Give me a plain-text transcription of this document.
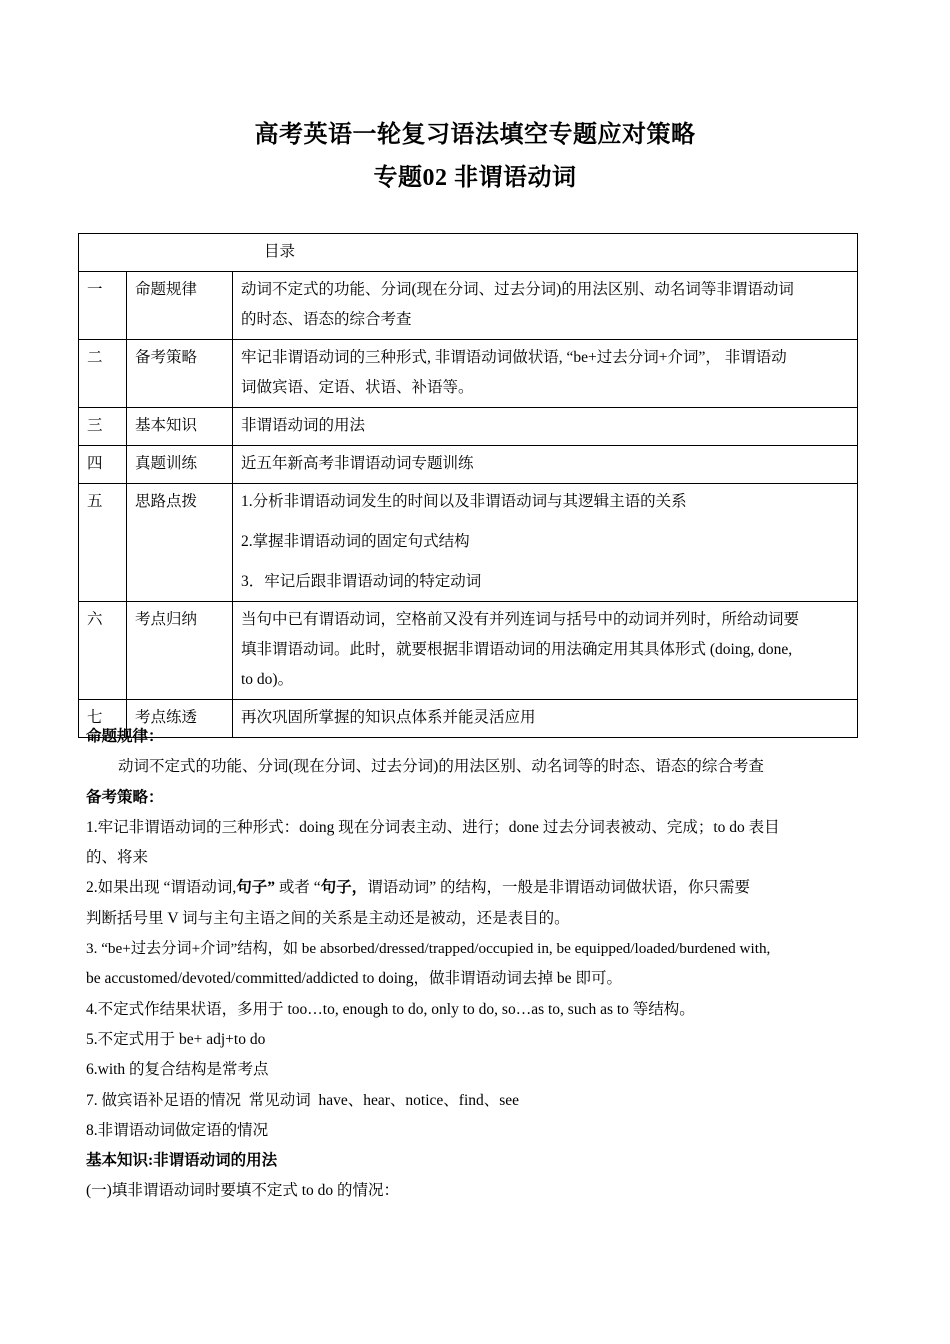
高考英语一轮复习语法填空专题应对策略
专题02 非谓语动词
目录		
一	命题规律	动词不定式的功能、分词(现在分词、过去分词)的用法区别、动名词等非谓语动词
的时态、语态的综合考查

二	备考策略	牢记非谓语动词的三种形式, 非谓语动词做状语, “be+过去分词+介词”， 非谓语动
词做宾语、定语、状语、补语等。

三	基本知识	非谓语动词的用法

四	真题训练	近五年新高考非谓语动词专题训练

五	思路点拨	1.分析非谓语动词发生的时间以及非谓语动词与其逻辑主语的关系
2.掌握非谓语动词的固定句式结构
3．牢记后跟非谓语动词的特定动词

六	考点归纳	当句中已有谓语动词，空格前又没有并列连词与括号中的动词并列时，所给动词要
填非谓语动词。此时，就要根据非谓语动词的用法确定用其具体形式 (doing, done,
to do)。

七	考点练透	再次巩固所掌握的知识点体系并能灵活应用

命题规律：

动词不定式的功能、分词(现在分词、过去分词)的用法区别、动名词等的时态、语态的综合考查

备考策略：

1.牢记非谓语动词的三种形式：doing 现在分词表主动、进行；done 过去分词表被动、完成；to do 表目

的、将来

2.如果出现 “谓语动词,句子” 或者 “句子，谓语动词” 的结构，一般是非谓语动词做状语，你只需要

判断括号里 V 词与主句主语之间的关系是主动还是被动，还是表目的。

3. “be+过去分词+介词”结构，如 be absorbed/dressed/trapped/occupied in, be equipped/loaded/burdened with,

be accustomed/devoted/committed/addicted to doing，做非谓语动词去掉 be 即可。

4.不定式作结果状语，多用于 too…to, enough to do, only to do, so…as to, such as to 等结构。

5.不定式用于 be+ adj+to do

6.with 的复合结构是常考点

7. 做宾语补足语的情况  常见动词  have、hear、notice、find、see

8.非谓语动词做定语的情况

基本知识:非谓语动词的用法

(一)填非谓语动词时要填不定式 to do 的情况：
